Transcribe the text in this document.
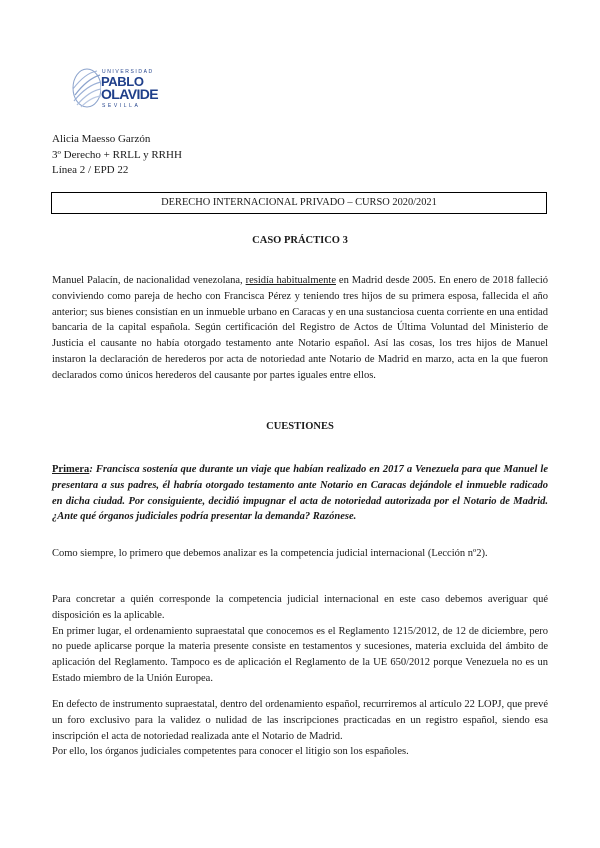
UNIVERSIDAD
PABLO
OLAVIDE
SEVILLA
Alicia Maesso Garzón
3º Derecho + RRLL y RRHH
Línea 2 / EPD 22
DERECHO INTERNACIONAL PRIVADO – CURSO 2020/2021
CASO PRÁCTICO 3
Manuel Palacín, de nacionalidad venezolana, residía habitualmente en Madrid desde 2005. En enero de 2018 falleció conviviendo como pareja de hecho con Francisca Pérez y teniendo tres hijos de su primera esposa, fallecida el año anterior; sus bienes consistían en un inmueble urbano en Caracas y en una sustanciosa cuenta corriente en una entidad bancaria de la capital española. Según certificación del Registro de Actos de Última Voluntad del Ministerio de Justicia el causante no había otorgado testamento ante Notario español. Así las cosas, los tres hijos de Manuel instaron la declaración de herederos por acta de notoriedad ante Notario de Madrid en marzo, acta en la que fueron declarados como únicos herederos del causante por partes iguales entre ellos.
CUESTIONES
Primera: Francisca sostenía que durante un viaje que habían realizado en 2017 a Venezuela para que Manuel le presentara a sus padres, él habría otorgado testamento ante Notario en Caracas dejándole el inmueble radicado en dicha ciudad. Por consiguiente, decidió impugnar el acta de notoriedad autorizada por el Notario de Madrid. ¿Ante qué órganos judiciales podría presentar la demanda? Razónese.
Como siempre, lo primero que debemos analizar es la competencia judicial internacional (Lección nº2).
Para concretar a quién corresponde la competencia judicial internacional en este caso debemos averiguar qué disposición es la aplicable.
En primer lugar, el ordenamiento supraestatal que conocemos es el Reglamento 1215/2012, de 12 de diciembre, pero no puede aplicarse porque la materia presente consiste en testamentos y sucesiones, materia excluida del ámbito de aplicación del Reglamento. Tampoco es de aplicación el Reglamento de la UE 650/2012 porque Venezuela no es un Estado miembro de la Unión Europea.
En defecto de instrumento supraestatal, dentro del ordenamiento español, recurriremos al artículo 22 LOPJ, que prevé un foro exclusivo para la validez o nulidad de las inscripciones practicadas en un registro español, siendo esa inscripción el acta de notoriedad realizada ante el Notario de Madrid.
Por ello, los órganos judiciales competentes para conocer el litigio son los españoles.
